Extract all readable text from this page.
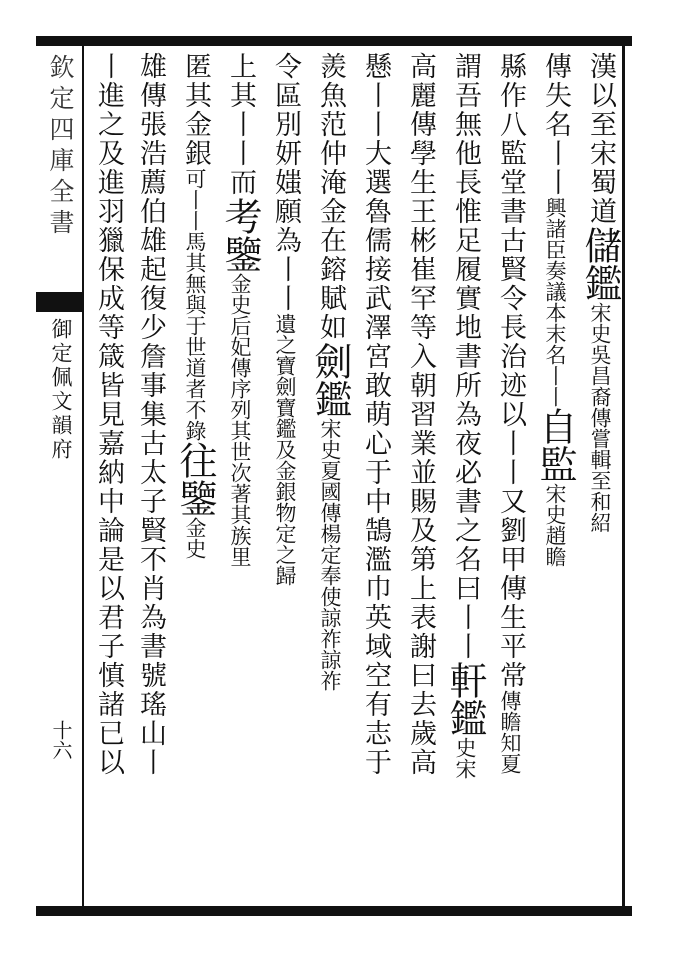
欽定四庫全書
御定佩文韻府
十六
漢以至宋蜀道儲鑑宋史吳昌裔傳嘗輯至和紹
傳失名丨丨興諸臣奏議本末名丨丨自監宋史趙瞻
縣作八監堂書古賢令長治迹以丨丨又劉甲傳生平常傳瞻知夏
謂吾無他長惟足履實地書所為夜必書之名曰丨丨軒鑑史宋
高麗傳學生王彬崔罕等入朝習業並賜及第上表謝曰去歲高
懸丨丨大選魯儒接武澤宮敢萌心于中鵠濫巾英域空有志于
羨魚范仲淹金在鎔賦如劍鑑宋史夏國傳楊定奉使諒祚諒祚
令區別妍媸願為丨丨遺之寶劍寶鑑及金銀物定之歸
上其丨丨而考鑒金史后妃傳序列其世次著其族里
匿其金銀可丨丨馬其無與于世道者不錄往鑒金史
雄傳張浩薦伯雄起復少詹事集古太子賢不肖為書號瑤山丨
丨進之及進羽獵保成等箴皆見嘉納中論是以君子慎諸已以
